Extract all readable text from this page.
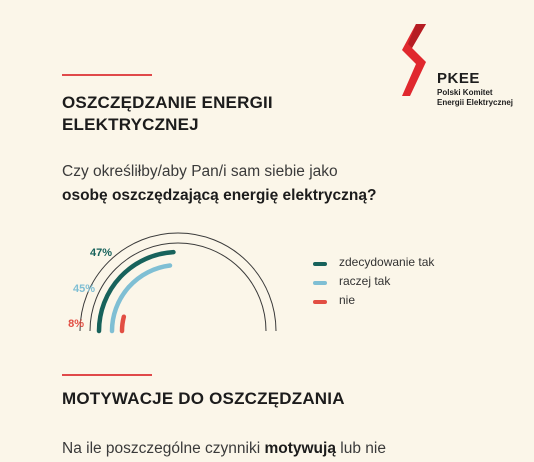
OSZCZĘDZANIE ENERGII
ELEKTRYCZNEJ
PKEE
Polski Komitet
Energii Elektrycznej
Czy określiłby/aby Pan/i sam siebie jako
osobę oszczędzającą energię elektryczną?
47%
45%
8%
zdecydowanie tak
raczej tak
nie
MOTYWACJE DO OSZCZĘDZANIA
Na ile poszczególne czynniki motywują lub nie
